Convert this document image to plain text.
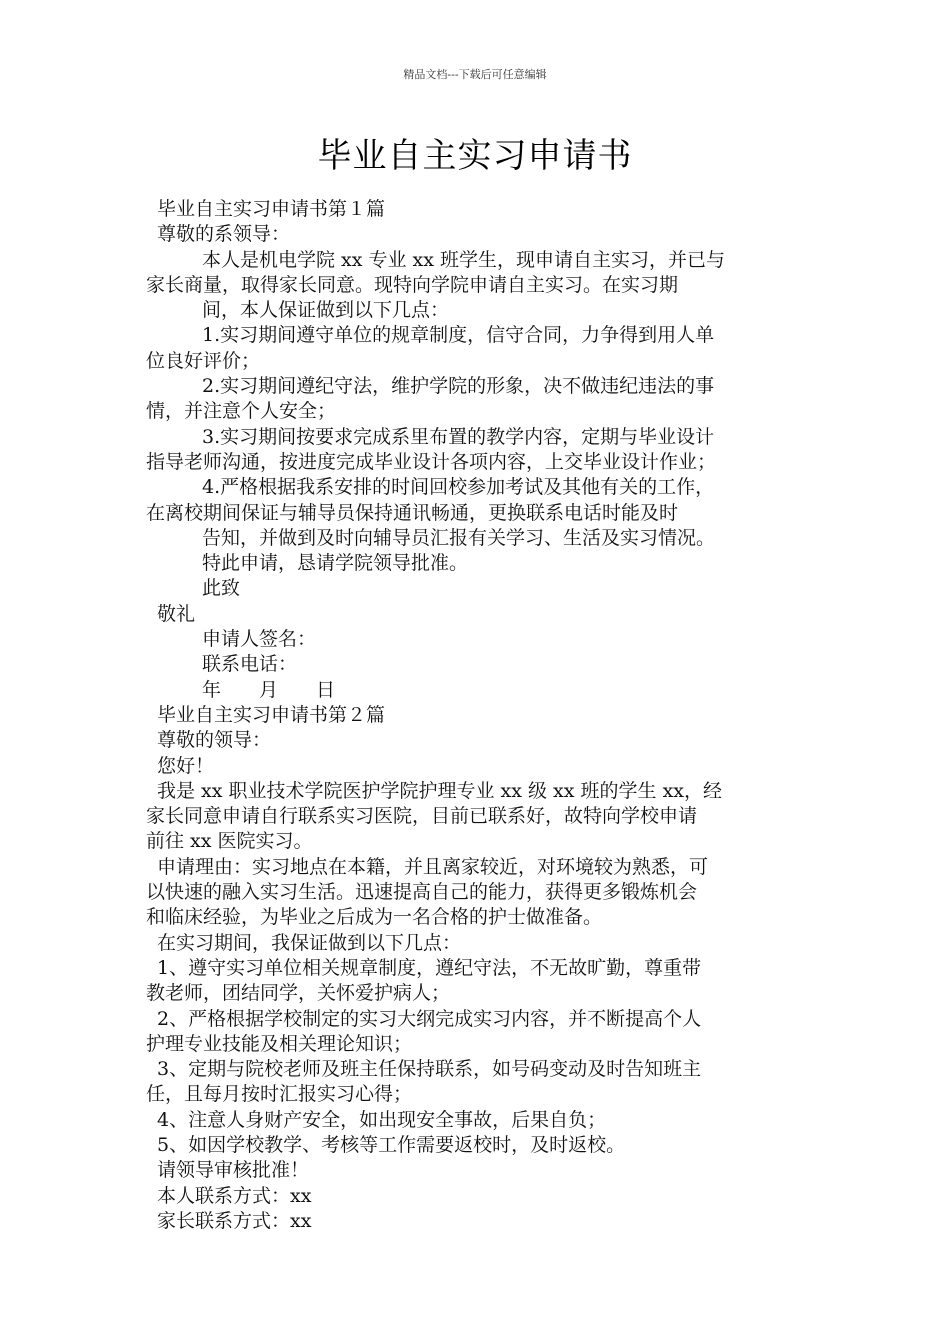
精品文档---下载后可任意编辑
毕业自主实习申请书
毕业自主实习申请书第１篇
尊敬的系领导：
本人是机电学院 xx 专业 xx 班学生，现申请自主实习，并已与
家长商量，取得家长同意。现特向学院申请自主实习。在实习期
间，本人保证做到以下几点：
1.实习期间遵守单位的规章制度，信守合同，力争得到用人单
位良好评价；
2.实习期间遵纪守法，维护学院的形象，决不做违纪违法的事
情，并注意个人安全；
3.实习期间按要求完成系里布置的教学内容，定期与毕业设计
指导老师沟通，按进度完成毕业设计各项内容，上交毕业设计作业；
4.严格根据我系安排的时间回校参加考试及其他有关的工作，
在离校期间保证与辅导员保持通讯畅通，更换联系电话时能及时
告知，并做到及时向辅导员汇报有关学习、生活及实习情况。
特此申请，恳请学院领导批准。
此致
敬礼
申请人签名：
联系电话：
年　　月　　日
毕业自主实习申请书第２篇
尊敬的领导：
您好！
我是 xx 职业技术学院医护学院护理专业 xx 级 xx 班的学生 xx，经
家长同意申请自行联系实习医院，目前已联系好，故特向学校申请
前往 xx 医院实习。
申请理由：实习地点在本籍，并且离家较近，对环境较为熟悉，可
以快速的融入实习生活。迅速提高自己的能力，获得更多锻炼机会
和临床经验，为毕业之后成为一名合格的护士做准备。
在实习期间，我保证做到以下几点：
1、遵守实习单位相关规章制度，遵纪守法，不无故旷勤，尊重带
教老师，团结同学，关怀爱护病人；
2、严格根据学校制定的实习大纲完成实习内容，并不断提高个人
护理专业技能及相关理论知识；
3、定期与院校老师及班主任保持联系，如号码变动及时告知班主
任，且每月按时汇报实习心得；
4、注意人身财产安全，如出现安全事故，后果自负；
5、如因学校教学、考核等工作需要返校时，及时返校。
请领导审核批准！
本人联系方式：xx
家长联系方式：xx
